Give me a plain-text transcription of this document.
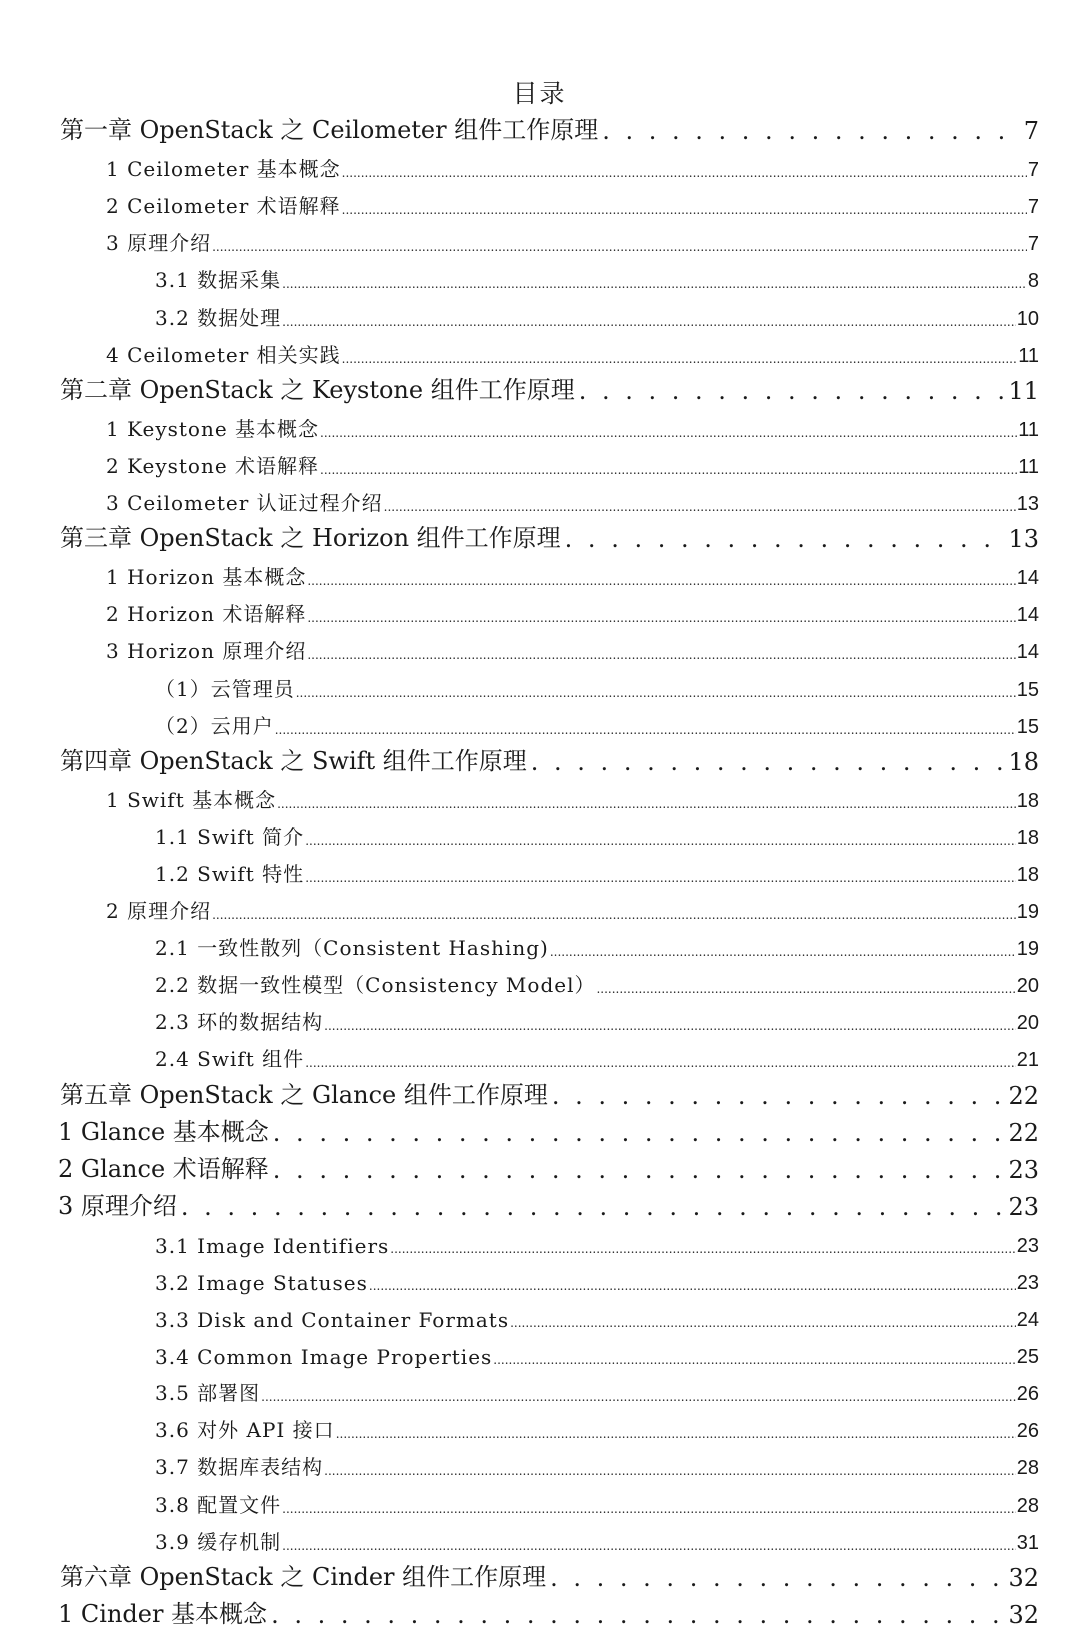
目录
第一章 OpenStack 之 Ceilometer 组件工作原理 . . .	7
1 Ceilometer 基本概念 .....	7
2 Ceilometer 术语解释 .....	7
3 原理介绍 .....	7
3.1 数据采集 .....	8
3.2 数据处理 .....	10
4 Ceilometer 相关实践 .....	11
第二章 OpenStack 之 Keystone 组件工作原理 . . .	11
1 Keystone 基本概念 .....	11
2 Keystone 术语解释 .....	11
3 Ceilometer 认证过程介绍 .....	13
第三章 OpenStack 之 Horizon 组件工作原理 . . .	13
1 Horizon 基本概念 .....	14
2 Horizon 术语解释 .....	14
3 Horizon 原理介绍 .....	14
（1）云管理员 .....	15
（2）云用户 .....	15
第四章 OpenStack 之 Swift 组件工作原理 . . .	18
1 Swift 基本概念 .....	18
1.1 Swift 简介 .....	18
1.2 Swift 特性 .....	18
2 原理介绍 .....	19
2.1 一致性散列（Consistent Hashing) .....	19
2.2 数据一致性模型（Consistency Model） .....	20
2.3 环的数据结构 .....	20
2.4 Swift 组件 .....	21
第五章 OpenStack 之 Glance 组件工作原理 . . .	22
1 Glance 基本概念 . . .	22
2 Glance 术语解释 . . .	23
3 原理介绍 . . .	23
3.1 Image Identifiers .....	23
3.2 Image Statuses .....	23
3.3 Disk and Container Formats .....	24
3.4 Common Image Properties .....	25
3.5 部署图 .....	26
3.6 对外 API 接口 .....	26
3.7 数据库表结构 .....	28
3.8 配置文件 .....	28
3.9 缓存机制 .....	31
第六章 OpenStack 之 Cinder 组件工作原理 . . .	32
1 Cinder 基本概念 . . .	32
